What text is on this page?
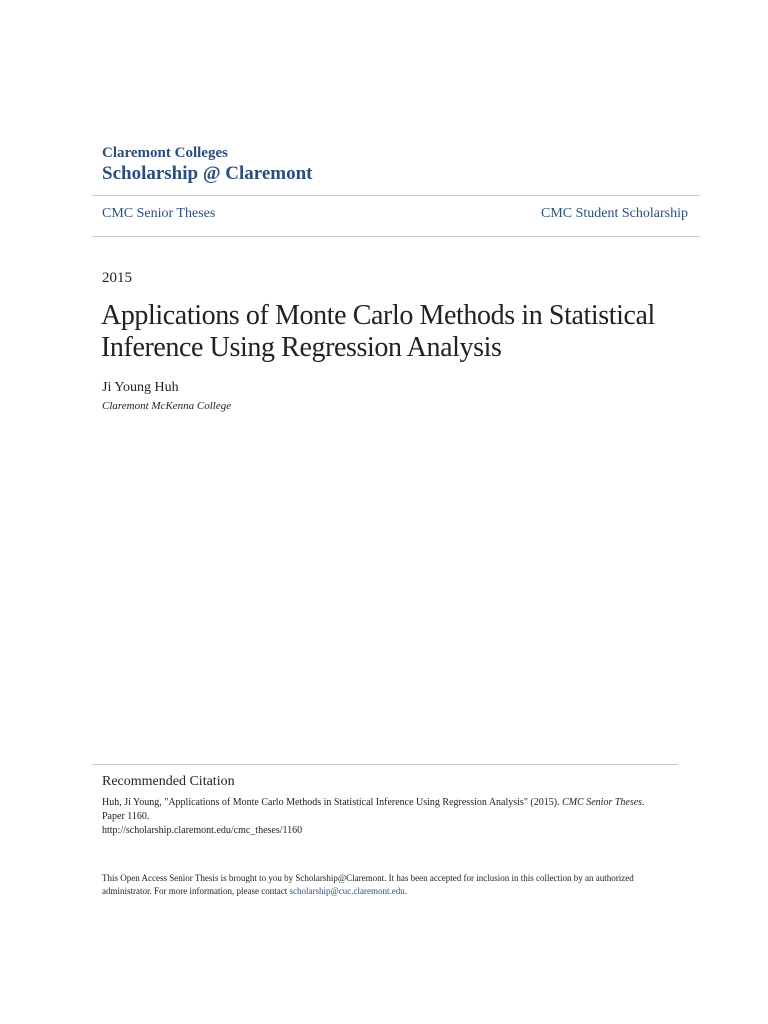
Claremont Colleges
Scholarship @ Claremont
CMC Senior Theses	CMC Student Scholarship
2015
Applications of Monte Carlo Methods in Statistical Inference Using Regression Analysis
Ji Young Huh
Claremont McKenna College
Recommended Citation
Huh, Ji Young, "Applications of Monte Carlo Methods in Statistical Inference Using Regression Analysis" (2015). CMC Senior Theses.
Paper 1160.
http://scholarship.claremont.edu/cmc_theses/1160
This Open Access Senior Thesis is brought to you by Scholarship@Claremont. It has been accepted for inclusion in this collection by an authorized administrator. For more information, please contact scholarship@cuc.claremont.edu.
